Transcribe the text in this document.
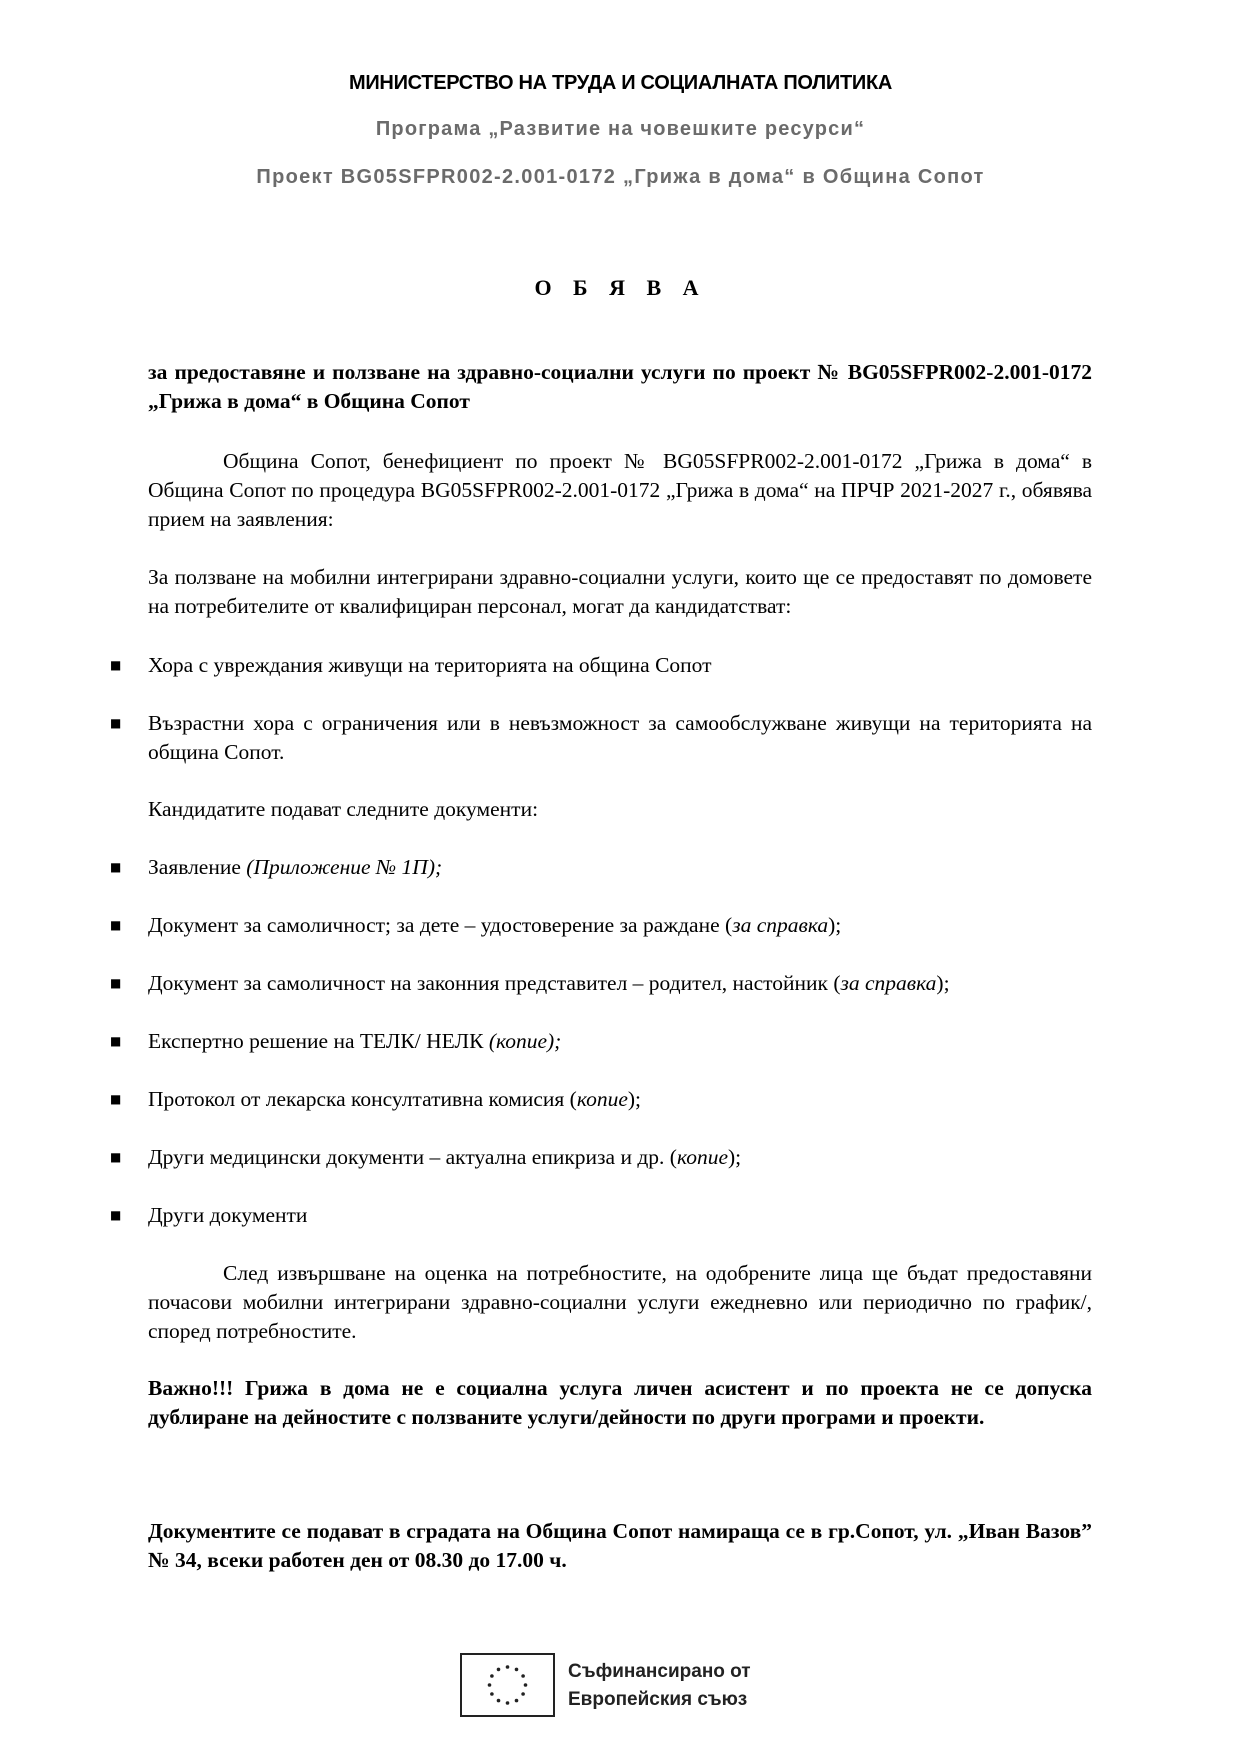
МИНИСТЕРСТВО НА ТРУДА И СОЦИАЛНАТА ПОЛИТИКА
Програма „Развитие на човешките ресурси“
Проект BG05SFPR002-2.001-0172 „Грижа в дома“ в Община Сопот
О Б Я В А
за предоставяне и ползване на здравно-социални услуги по проект № BG05SFPR002-2.001-0172 „Грижа в дома“ в Община Сопот
Община Сопот, бенефициент по проект № BG05SFPR002-2.001-0172 „Грижа в дома“ в Община Сопот по процедура BG05SFPR002-2.001-0172 „Грижа в дома“ на ПРЧР 2021-2027 г., обявява прием на заявления:
За ползване на мобилни интегрирани здравно-социални услуги, които ще се предоставят по домовете на потребителите от квалифициран персонал, могат да кандидатстват:
■ Хора с увреждания живущи на територията на община Сопот
■ Възрастни хора с ограничения или в невъзможност за самообслужване живущи на територията на община Сопот.
Кандидатите подават следните документи:
■ Заявление (Приложение № 1П);
■ Документ за самоличност; за дете – удостоверение за раждане (за справка);
■ Документ за самоличност на законния представител – родител, настойник (за справка);
■ Експертно решение на ТЕЛК/ НЕЛК (копие);
■ Протокол от лекарска консултативна комисия (копие);
■ Други медицински документи – актуална епикриза и др. (копие);
■ Други документи
След извършване на оценка на потребностите, на одобрените лица ще бъдат предоставяни почасови мобилни интегрирани здравно-социални услуги ежедневно или периодично по график/, според потребностите.
Важно!!! Грижа в дома не е социална услуга личен асистент и по проекта не се допуска дублиране на дейностите с ползваните услуги/дейности по други програми и проекти.
Документите се подават в сградата на Община Сопот намираща се в гр.Сопот, ул. „Иван Вазов” № 34, всеки работен ден от 08.30 до 17.00 ч.
Съфинансирано от
Европейския съюз
